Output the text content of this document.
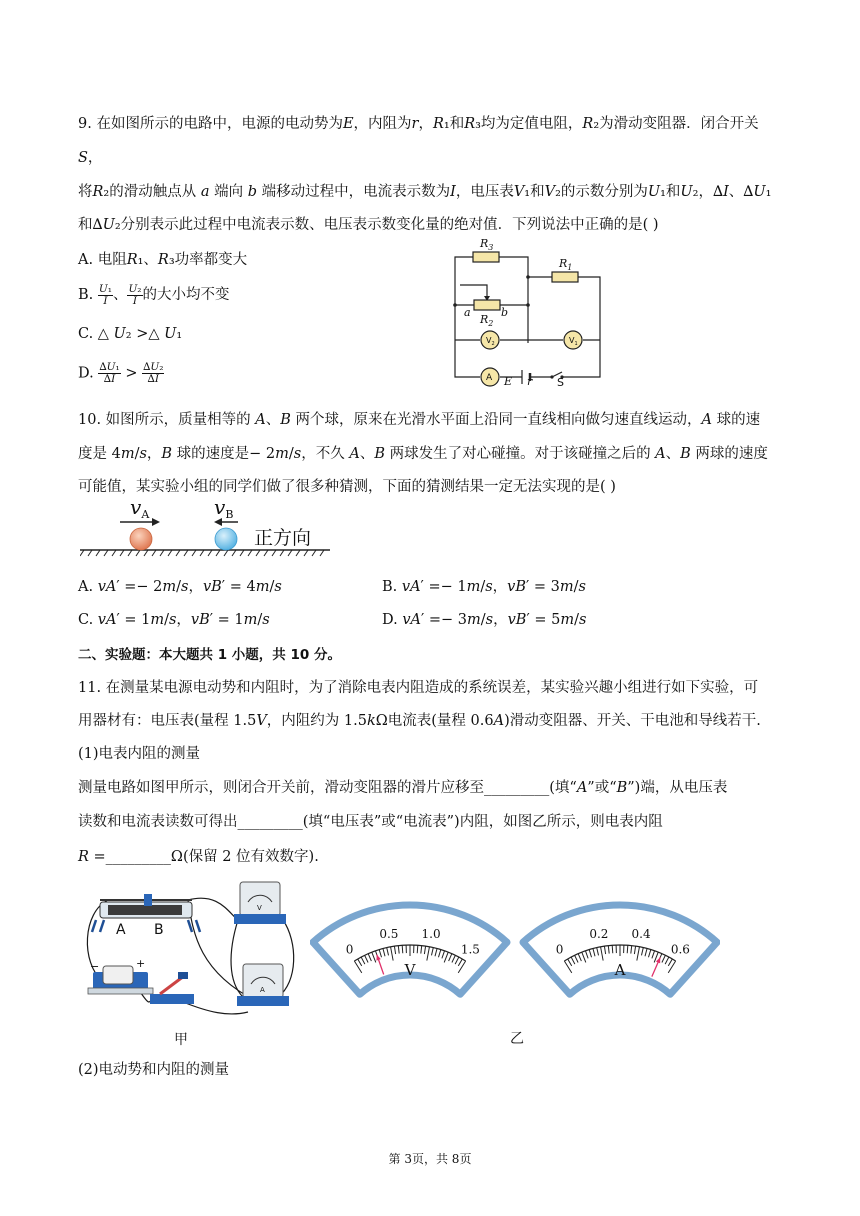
9. 在如图所示的电路中，电源的电动势为𝐸，内阻为𝑟，𝑅₁和𝑅₃均为定值电阻，𝑅₂为滑动变阻器．闭合开关
𝑆，
将𝑅₂的滑动触点从 𝑎 端向 𝑏 端移动过程中，电流表示数为𝐼，电压表𝑉₁和𝑉₂的示数分别为𝑈₁和𝑈₂，∆𝐼、∆𝑈₁
和∆𝑈₂分别表示此过程中电流表示数、电压表示数变化量的绝对值．下列说法中正确的是( )
A. 电阻𝑅₁、𝑅₃功率都变大
B. $\frac{\text{𝑈₁}}{\text{𝐼}}$ 、 $\frac{\text{𝑈₂}}{\text{𝐼}}$ 的大小均不变
C. △ 𝑈₂ >△ 𝑈₁
D. $\frac{\text{∆𝑈₁}}{\text{∆𝐼}} > \frac{\text{∆𝑈₂}}{\text{∆𝐼}}$
$R_3$
$R_1$
$R_2$
a	b
E r
$V_2$	$V_1$
A	S
10. 如图所示，质量相等的 𝐴、𝐵 两个球，原来在光滑水平面上沿同一直线相向做匀速直线运动，𝐴 球的速
度是 4𝑚/𝑠，𝐵 球的速度是− 2𝑚/𝑠，不久 𝐴、𝐵 两球发生了对心碰撞。对于该碰撞之后的 𝐴、𝐵 两球的速度
可能值，某实验小组的同学们做了很多种猜测，下面的猜测结果一定无法实现的是( )
$v_A$	$v_B$
正方向
A. 𝑣𝐴′ =− 2𝑚/𝑠，𝑣𝐵′ = 4𝑚/𝑠	B. 𝑣𝐴′ =− 1𝑚/𝑠，𝑣𝐵′ = 3𝑚/𝑠
C. 𝑣𝐴′ = 1𝑚/𝑠，𝑣𝐵′ = 1𝑚/𝑠	D. 𝑣𝐴′ =− 3𝑚/𝑠，𝑣𝐵′ = 5𝑚/𝑠
二、实验题：本大题共 1 小题，共 10 分。
11. 在测量某电源电动势和内阻时，为了消除电表内阻造成的系统误差，某实验兴趣小组进行如下实验，可
用器材有：电压表(量程 1.5𝑉，内阻约为 1.5𝑘Ω电流表(量程 0.6𝐴)滑动变阻器、开关、干电池和导线若干.
(1)电表内阻的测量
测量电路如图甲所示，则闭合开关前，滑动变阻器的滑片应移至_________(填“𝐴”或“𝐵”)端，从电压表
读数和电流表读数可得出_________(填“电压表”或“电流表”)内阻，如图乙所示，则电表内阻
𝑅 =_________Ω(保留 2 位有效数字).
A B
−	+
V
A
甲
0
0.5 1.0
1.5
V
0
0.2 0.4
0.6
A
乙
(2)电动势和内阻的测量
第 3页，共 8页
